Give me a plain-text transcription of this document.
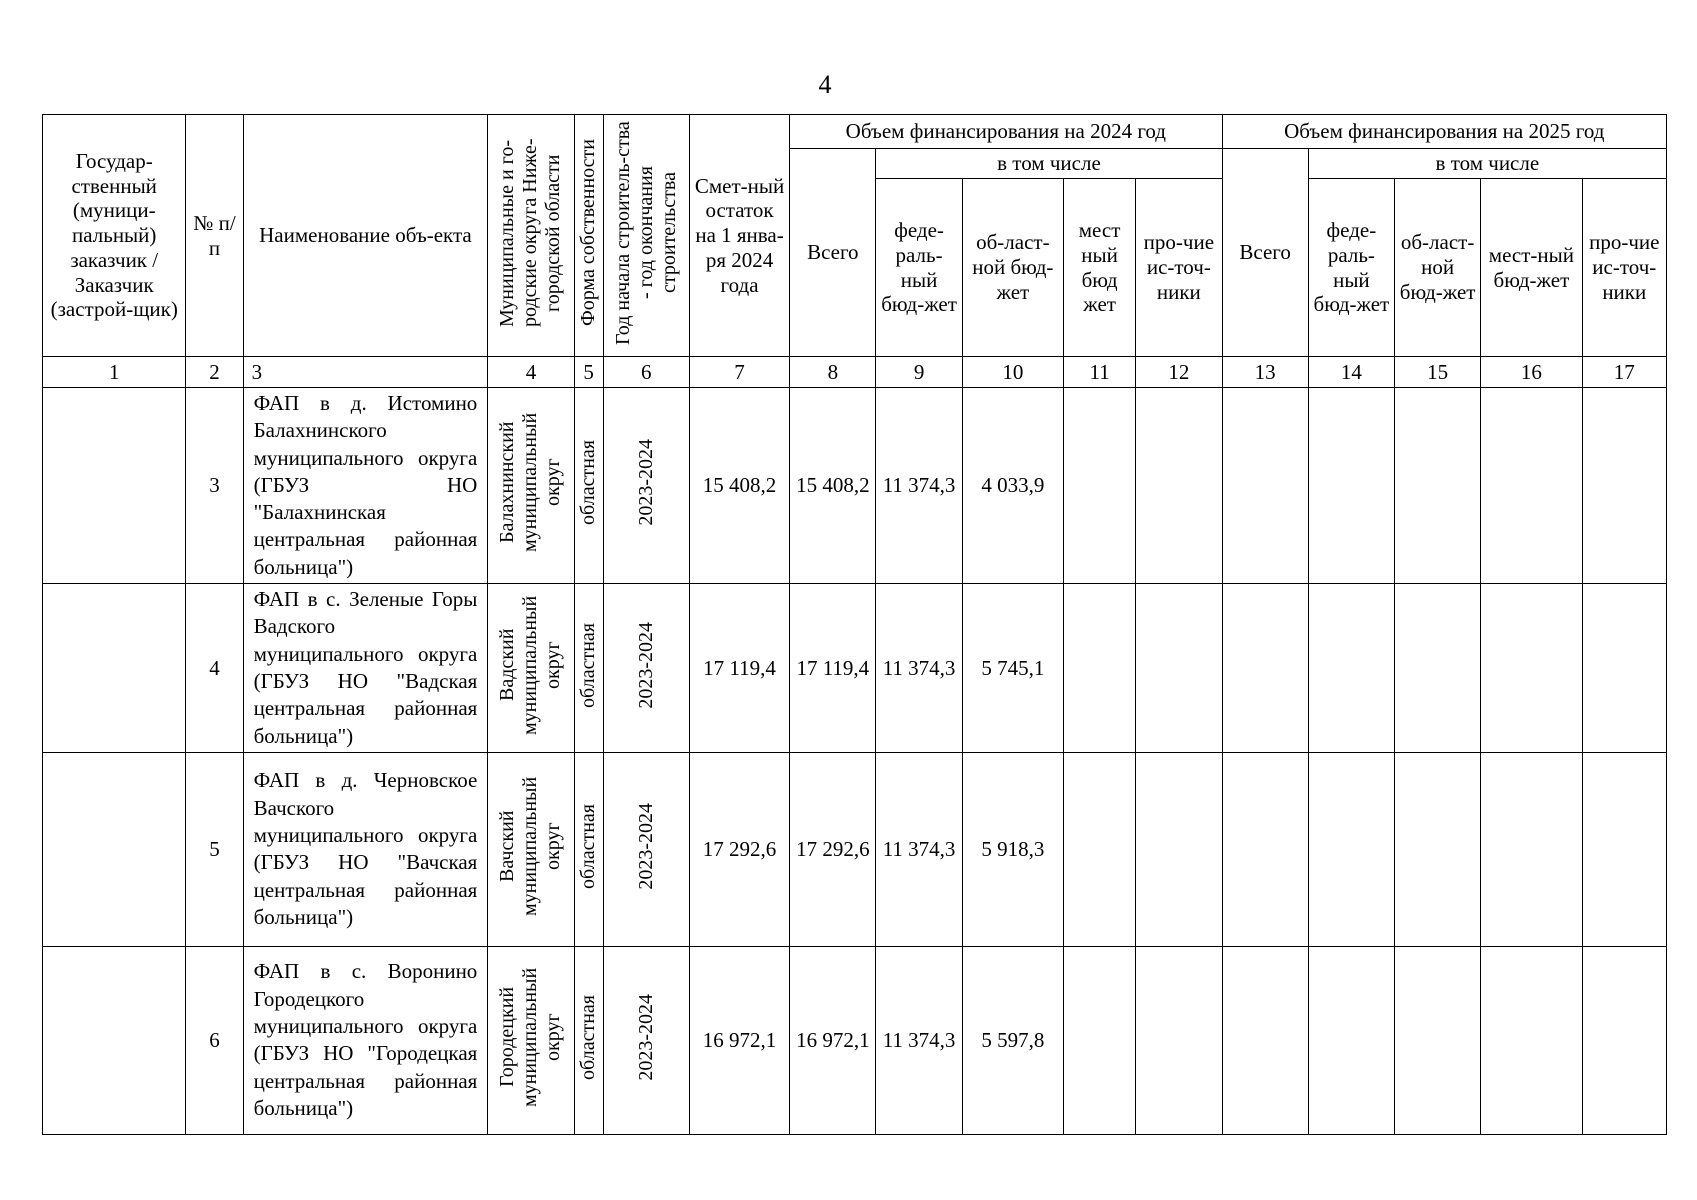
4
Государ-ственный (муници-пальный) заказчик / Заказчик (застрой-щик)	№ п/п	Наименование объ-екта	Муниципальные и го-родские округа Ниже-городской области	Форма собственности	Год начала строитель-ства - год окончания строительства	Смет-ный остаток на 1 янва-ря 2024 года	Объем финансирования на 2024 год					Объем финансирования на 2025 год				
							Всего	в том числе				Всего	в том числе			
								феде-раль-ный бюд-жет	об-ласт-ной бюд-жет	мест ный бюд жет	про-чие ис-точ-ники		феде-раль-ный бюд-жет	об-ласт-ной бюд-жет	мест-ный бюд-жет	про-чие ис-точ-ники
1	2	3	4	5	6	7	8	9	10	11	12	13	14	15	16	17
	3	ФАП в д. Истомино Балахнинского муниципального округа (ГБУЗ НО "Балахнинская центральная районная больница")	Балахнинский муниципальный округ	областная	2023-2024	15 408,2	15 408,2	11 374,3	4 033,9							
	4	ФАП в с. Зеленые Горы Вадского муниципального округа (ГБУЗ НО "Вадская центральная районная больница")	Вадский муниципальный округ	областная	2023-2024	17 119,4	17 119,4	11 374,3	5 745,1							
	5	ФАП в д. Черновское Вачского муниципального округа (ГБУЗ НО "Вачская центральная районная больница")	Вачский муниципальный округ	областная	2023-2024	17 292,6	17 292,6	11 374,3	5 918,3							
	6	ФАП в с. Воронино Городецкого муниципального округа (ГБУЗ НО "Городецкая центральная районная больница")	Городецкий муниципальный округ	областная	2023-2024	16 972,1	16 972,1	11 374,3	5 597,8							
